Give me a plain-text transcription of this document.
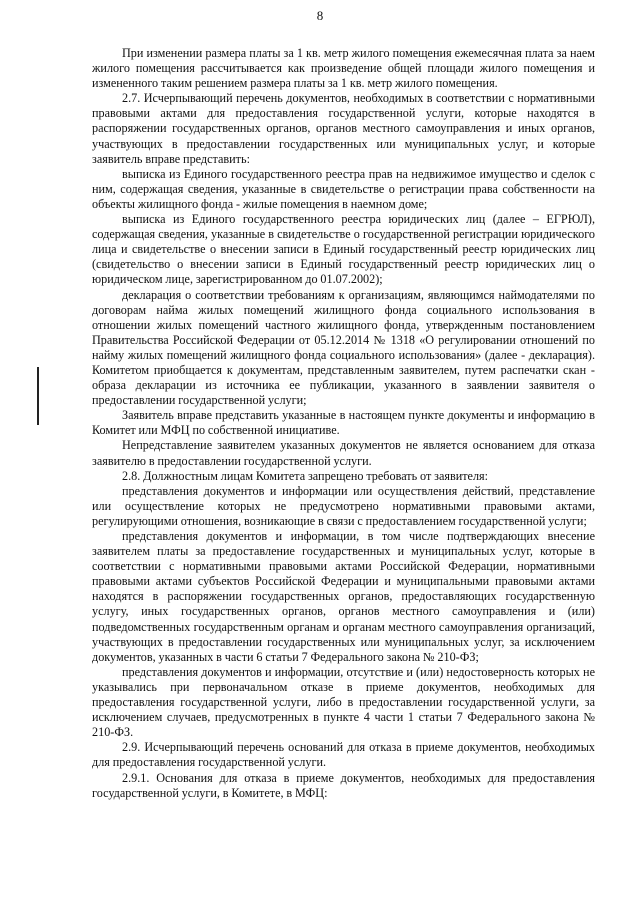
8

При изменении размера платы за 1 кв. метр жилого помещения ежемесячная плата за наем жилого помещения рассчитывается как произведение общей площади жилого помещения и измененного таким решением размера платы за 1 кв. метр жилого помещения.

2.7. Исчерпывающий перечень документов, необходимых в соответствии с нормативными правовыми актами для предоставления государственной услуги, которые находятся в распоряжении государственных органов, органов местного самоуправления и иных органов, участвующих в предоставлении государственных или муниципальных услуг, и которые заявитель вправе представить:

выписка из Единого государственного реестра прав на недвижимое имущество и сделок с ним, содержащая сведения, указанные в свидетельстве о регистрации права собственности на объекты жилищного фонда - жилые помещения в наемном доме;

выписка из Единого государственного реестра юридических лиц (далее – ЕГРЮЛ), содержащая сведения, указанные в свидетельстве о государственной регистрации юридического лица и свидетельстве о внесении записи в Единый государственный реестр юридических лиц (свидетельство о внесении записи в Единый государственный реестр юридических лиц о юридическом лице, зарегистрированном до 01.07.2002);

декларация о соответствии требованиям к организациям, являющимся наймодателями по договорам найма жилых помещений жилищного фонда социального использования в отношении жилых помещений частного жилищного фонда, утвержденным постановлением Правительства Российской Федерации от 05.12.2014 № 1318 «О регулировании отношений по найму жилых помещений жилищного фонда социального использования» (далее - декларация). Комитетом приобщается к документам, представленным заявителем, путем распечатки скан - образа декларации из источника ее публикации, указанного в заявлении заявителя о предоставлении государственной услуги;

Заявитель вправе представить указанные в настоящем пункте документы и информацию в Комитет или МФЦ по собственной инициативе.

Непредставление заявителем указанных документов не является основанием для отказа заявителю в предоставлении государственной услуги.

2.8. Должностным лицам Комитета запрещено требовать от заявителя:

представления документов и информации или осуществления действий, представление или осуществление которых не предусмотрено нормативными правовыми актами, регулирующими отношения, возникающие в связи с предоставлением государственной услуги;

представления документов и информации, в том числе подтверждающих внесение заявителем платы за предоставление государственных и муниципальных услуг, которые в соответствии с нормативными правовыми актами Российской Федерации, нормативными правовыми актами субъектов Российской Федерации и муниципальными правовыми актами находятся в распоряжении государственных органов, предоставляющих государственную услугу, иных государственных органов, органов местного самоуправления и (или) подведомственных государственным органам и органам местного самоуправления организаций, участвующих в предоставлении государственных или муниципальных услуг, за исключением документов, указанных в части 6 статьи 7 Федерального закона № 210-ФЗ;

представления документов и информации, отсутствие и (или) недостоверность которых не указывались при первоначальном отказе в приеме документов, необходимых для предоставления государственной услуги, либо в предоставлении государственной услуги, за исключением случаев, предусмотренных в пункте 4 части 1 статьи 7 Федерального закона № 210-ФЗ.

2.9. Исчерпывающий перечень оснований для отказа в приеме документов, необходимых для предоставления государственной услуги.

2.9.1. Основания для отказа в приеме документов, необходимых для предоставления государственной услуги, в Комитете, в МФЦ:
